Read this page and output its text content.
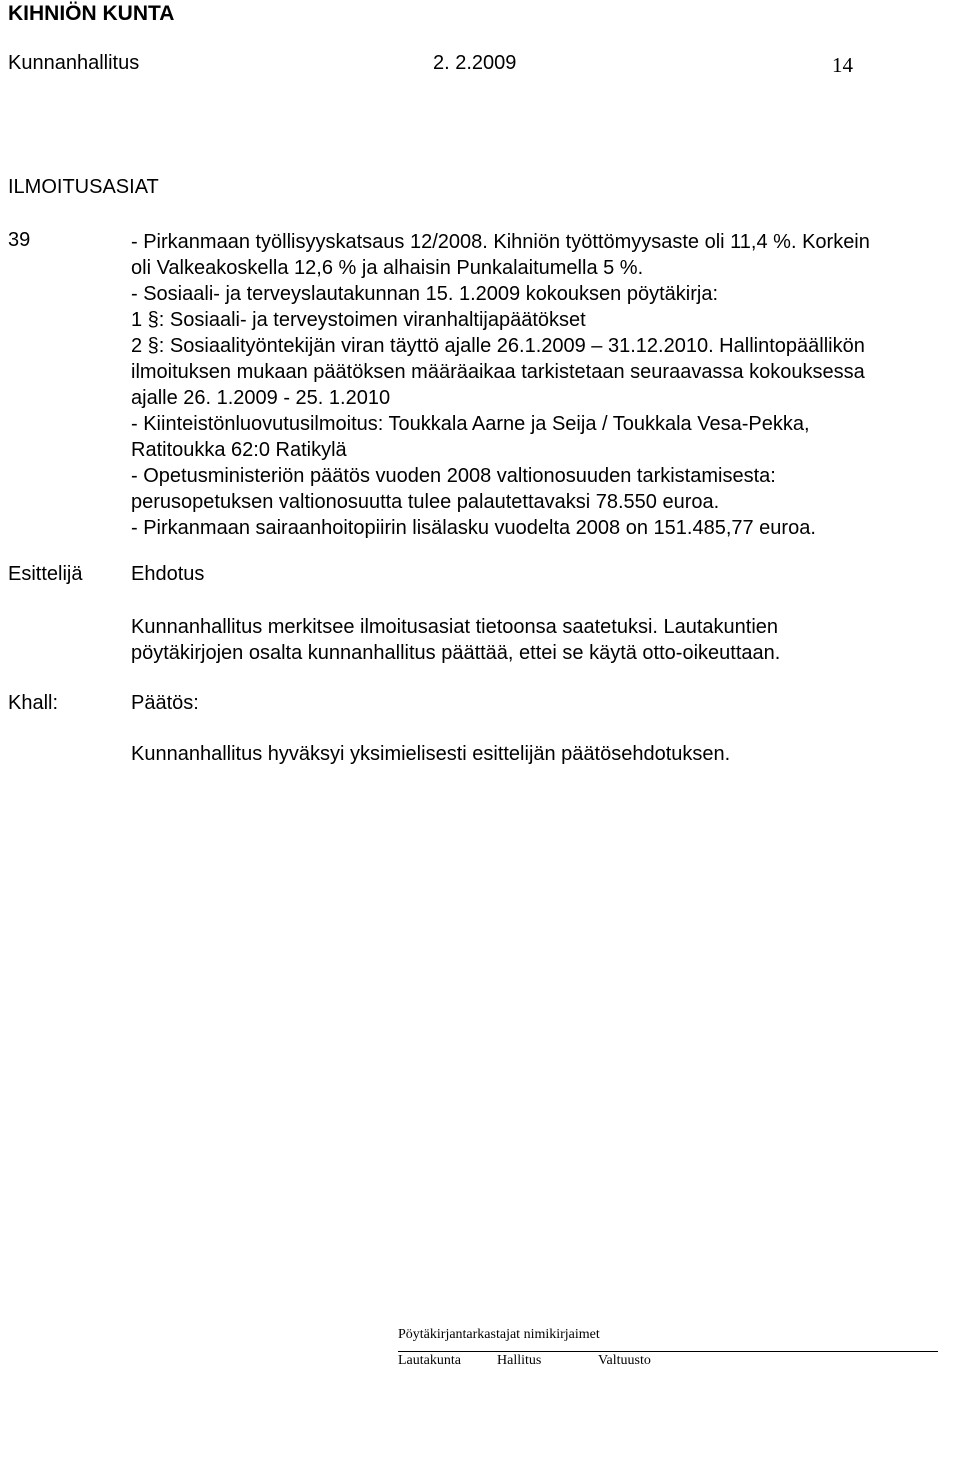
KIHNIÖN KUNTA
Kunnanhallitus	2. 2.2009	14
ILMOITUSASIAT
39	- Pirkanmaan työllisyyskatsaus 12/2008. Kihniön työttömyysaste oli 11,4 %. Korkein
oli Valkeakoskella 12,6 % ja alhaisin Punkalaitumella 5 %.
- Sosiaali- ja terveyslautakunnan 15. 1.2009 kokouksen pöytäkirja:
1 §: Sosiaali- ja terveystoimen viranhaltijapäätökset
2 §: Sosiaalityöntekijän viran täyttö ajalle 26.1.2009 – 31.12.2010. Hallintopäällikön
ilmoituksen mukaan päätöksen määräaikaa tarkistetaan seuraavassa kokouksessa
ajalle 26. 1.2009 - 25. 1.2010
- Kiinteistönluovutusilmoitus: Toukkala Aarne ja Seija / Toukkala Vesa-Pekka,
Ratitoukka 62:0 Ratikylä
- Opetusministeriön päätös vuoden 2008 valtionosuuden tarkistamisesta:
perusopetuksen valtionosuutta tulee palautettavaksi 78.550 euroa.
- Pirkanmaan sairaanhoitopiirin lisälasku vuodelta 2008 on 151.485,77 euroa.
Esittelijä Ehdotus
Kunnanhallitus merkitsee ilmoitusasiat tietoonsa saatetuksi. Lautakuntien
pöytäkirjojen osalta kunnanhallitus päättää, ettei se käytä otto-oikeuttaan.
Khall:	Päätös:
Kunnanhallitus hyväksyi yksimielisesti esittelijän päätösehdotuksen.
Pöytäkirjantarkastajat nimikirjaimet
Lautakunta	Hallitus	Valtuusto
